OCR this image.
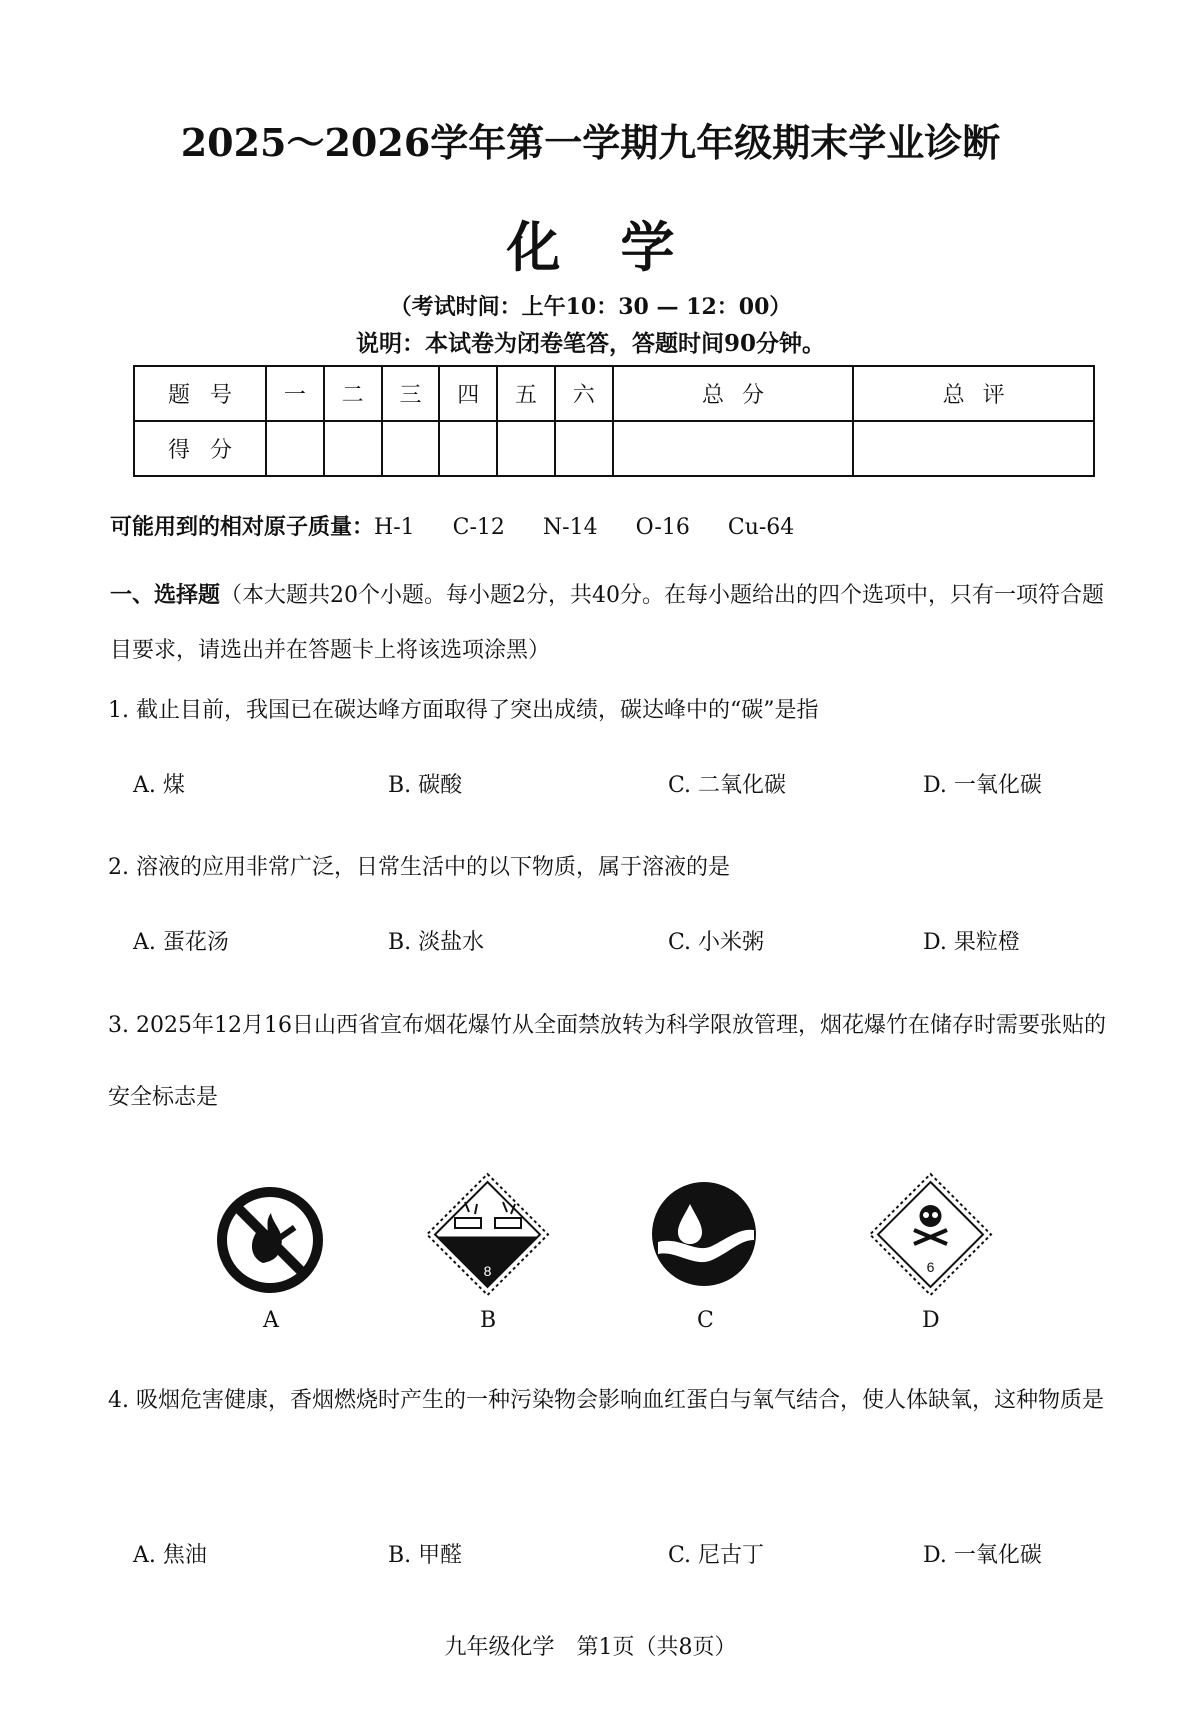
2025～2026学年第一学期九年级期末学业诊断
化学
（考试时间：上午10：30 — 12：00）
说明：本试卷为闭卷笔答，答题时间90分钟。
题号	一	二	三	四	五	六	总分	总评
得分								
可能用到的相对原子质量：H-1 C-12 N-14 O-16 Cu-64
一、选择题（本大题共20个小题。每小题2分，共40分。在每小题给出的四个选项中，只有一项符合题目要求，请选出并在答题卡上将该选项涂黑）
1. 截止目前，我国已在碳达峰方面取得了突出成绩，碳达峰中的“碳”是指
A. 煤	B. 碳酸	C. 二氧化碳	D. 一氧化碳
2. 溶液的应用非常广泛，日常生活中的以下物质，属于溶液的是
A. 蛋花汤	B. 淡盐水	C. 小米粥	D. 果粒橙
3. 2025年12月16日山西省宣布烟花爆竹从全面禁放转为科学限放管理，烟花爆竹在储存时需要张贴的安全标志是
A
8
B	C
6
D
4. 吸烟危害健康，香烟燃烧时产生的一种污染物会影响血红蛋白与氧气结合，使人体缺氧，这种物质是
A. 焦油	B. 甲醛	C. 尼古丁	D. 一氧化碳
九年级化学　第1页（共8页）
